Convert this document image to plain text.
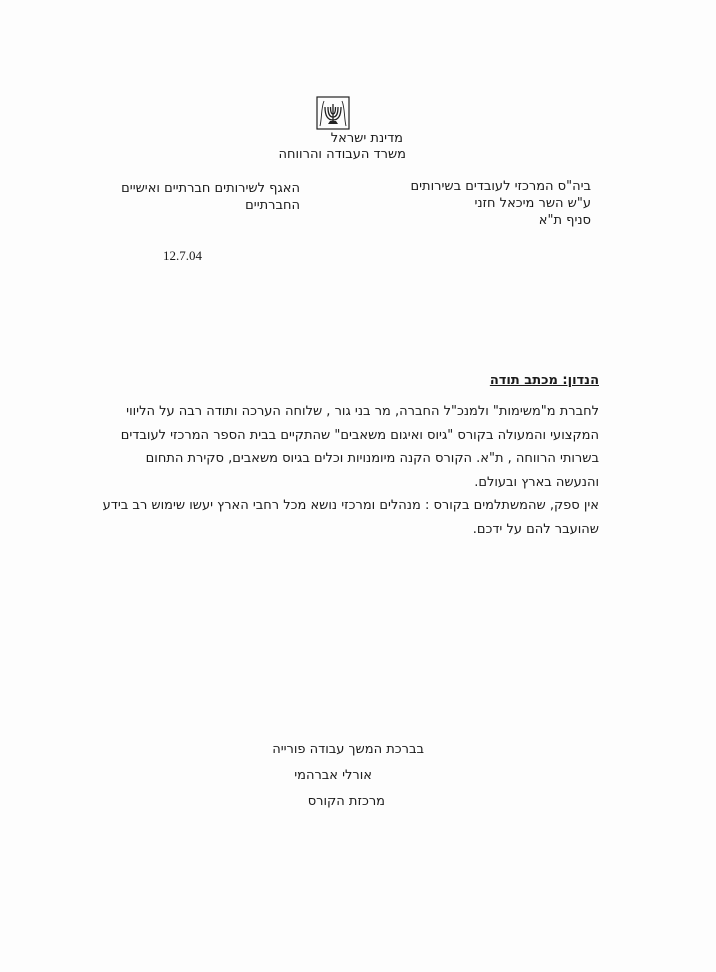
מדינת ישראל
משרד העבודה והרווחה
ביה"ס המרכזי לעובדים בשירותים
ע"ש השר מיכאל חזני
סניף ת"א
האגף לשירותים חברתיים ואישיים
החברתיים
12.7.04
הנדון: מכתב תודה

לחברת מ"משימות" ולמנכ"ל החברה, מר בני גור , שלוחה הערכה ותודה רבה על הליווי

המקצועי והמעולה בקורס "גיוס ואיגום משאבים" שהתקיים בבית הספר המרכזי לעובדים

בשרותי הרווחה , ת"א. הקורס הקנה מיומנויות וכלים בגיוס משאבים, סקירת התחום

והנעשה בארץ ובעולם.

אין ספק, שהמשתלמים בקורס : מנהלים ומרכזי נושא מכל רחבי הארץ יעשו שימוש רב בידע

שהועבר להם על ידכם.

בברכת המשך עבודה פורייה
אורלי אברהמי
מרכזת הקורס
